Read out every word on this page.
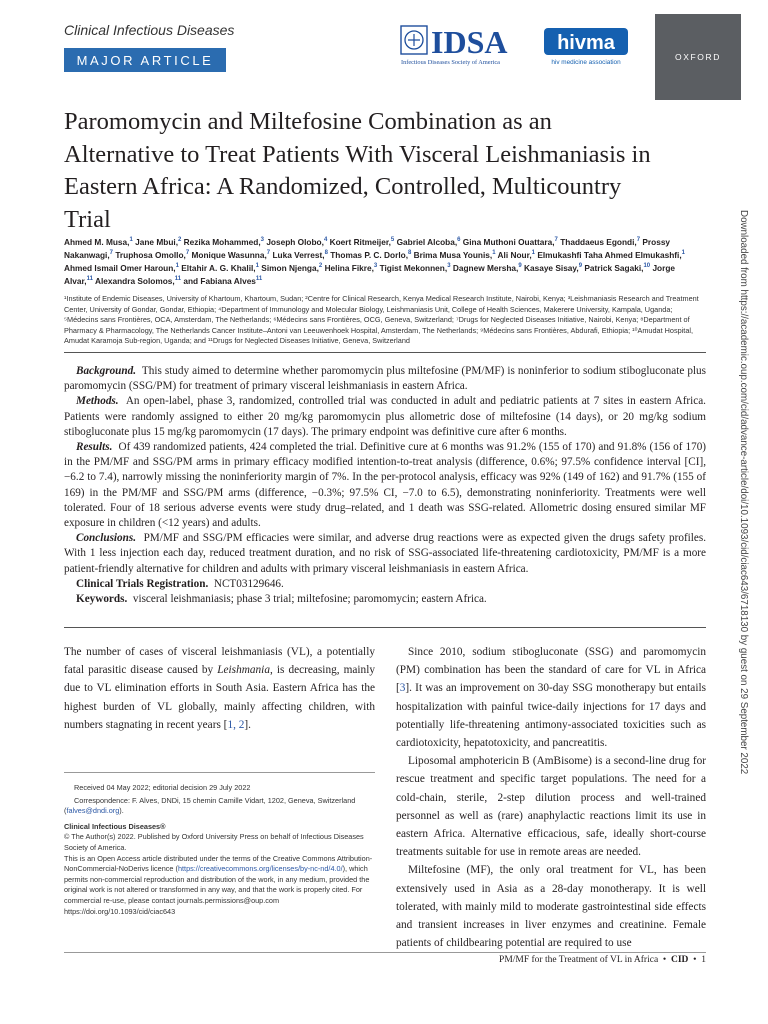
Clinical Infectious Diseases
MAJOR ARTICLE	IDSA
Infectious Diseases Society of America
hivma
hiv medicine association
OXFORD
Paromomycin and Miltefosine Combination as an Alternative to Treat Patients With Visceral Leishmaniasis in Eastern Africa: A Randomized, Controlled, Multicountry Trial
Ahmed M. Musa,$^1$ Jane Mbui,$^2$ Rezika Mohammed,$^3$ Joseph Olobo,$^4$ Koert Ritmeijer,$^5$ Gabriel Alcoba,$^6$ Gina Muthoni Ouattara,$^7$ Thaddaeus Egondi,$^7$ Prossy Nakanwagi,$^7$ Truphosa Omollo,$^7$ Monique Wasunna,$^7$ Luka Verrest,$^8$ Thomas P. C. Dorlo,$^8$ Brima Musa Younis,$^1$ Ali Nour,$^1$ Elmukashfi Taha Ahmed Elmukashfi,$^1$ Ahmed Ismail Omer Haroun,$^1$ Eltahir A. G. Khalil,$^1$ Simon Njenga,$^2$ Helina Fikre,$^3$ Tigist Mekonnen,$^3$ Dagnew Mersha,$^9$ Kasaye Sisay,$^9$ Patrick Sagaki,$^{10}$ Jorge Alvar,$^{11}$ Alexandra Solomos,$^{11}$ and Fabiana Alves$^{11}$
¹Institute of Endemic Diseases, University of Khartoum, Khartoum, Sudan; ²Centre for Clinical Research, Kenya Medical Research Institute, Nairobi, Kenya; ³Leishmaniasis Research and Treatment Center, University of Gondar, Gondar, Ethiopia; ⁴Department of Immunology and Molecular Biology, Leishmaniasis Unit, College of Health Sciences, Makerere University, Kampala, Uganda; ⁵Médecins sans Frontières, OCA, Amsterdam, The Netherlands; ⁶Médecins sans Frontières, OCG, Geneva, Switzerland; ⁷Drugs for Neglected Diseases Initiative, Nairobi, Kenya; ⁸Department of Pharmacy & Pharmacology, The Netherlands Cancer Institute–Antoni van Leeuwenhoek Hospital, Amsterdam, The Netherlands; ⁹Médecins sans Frontières, Abdurafi, Ethiopia; ¹⁰Amudat Hospital, Amudat Karamoja Sub-region, Uganda; and ¹¹Drugs for Neglected Diseases Initiative, Geneva, Switzerland

Background. This study aimed to determine whether paromomycin plus miltefosine (PM/MF) is noninferior to sodium stibogluconate plus paromomycin (SSG/PM) for treatment of primary visceral leishmaniasis in eastern Africa.

Methods. An open-label, phase 3, randomized, controlled trial was conducted in adult and pediatric patients at 7 sites in eastern Africa. Patients were randomly assigned to either 20 mg/kg paromomycin plus allometric dose of miltefosine (14 days), or 20 mg/kg sodium stibogluconate plus 15 mg/kg paromomycin (17 days). The primary endpoint was definitive cure after 6 months.

Results. Of 439 randomized patients, 424 completed the trial. Definitive cure at 6 months was 91.2% (155 of 170) and 91.8% (156 of 170) in the PM/MF and SSG/PM arms in primary efficacy modified intention-to-treat analysis (difference, 0.6%; 97.5% confidence interval [CI], −6.2 to 7.4), narrowly missing the noninferiority margin of 7%. In the per-protocol analysis, efficacy was 92% (149 of 162) and 91.7% (155 of 169) in the PM/MF and SSG/PM arms (difference, −0.3%; 97.5% CI, −7.0 to 6.5), demonstrating noninferiority. Treatments were well tolerated. Four of 18 serious adverse events were study drug–related, and 1 death was SSG-related. Allometric dosing ensured similar MF exposure in children (<12 years) and adults.

Conclusions. PM/MF and SSG/PM efficacies were similar, and adverse drug reactions were as expected given the drugs safety profiles. With 1 less injection each day, reduced treatment duration, and no risk of SSG-associated life-threatening cardiotoxicity, PM/MF is a more patient-friendly alternative for children and adults with primary visceral leishmaniasis in eastern Africa.

Clinical Trials Registration. NCT03129646.

Keywords. visceral leishmaniasis; phase 3 trial; miltefosine; paromomycin; eastern Africa.

The number of cases of visceral leishmaniasis (VL), a potentially fatal parasitic disease caused by Leishmania, is decreasing, mainly due to VL elimination efforts in South Asia. Eastern Africa has the highest burden of VL globally, mainly affecting children, with numbers stagnating in recent years [1, 2].

Received 04 May 2022; editorial decision 29 July 2022

Correspondence: F. Alves, DNDi, 15 chemin Camille Vidart, 1202, Geneva, Switzerland (falves@dndi.org).

Clinical Infectious Diseases®

© The Author(s) 2022. Published by Oxford University Press on behalf of Infectious Diseases Society of America.

This is an Open Access article distributed under the terms of the Creative Commons Attribution-NonCommercial-NoDerivs licence (https://creativecommons.org/licenses/by-nc-nd/4.0/), which permits non-commercial reproduction and distribution of the work, in any medium, provided the original work is not altered or transformed in any way, and that the work is properly cited. For commercial re-use, please contact journals.permissions@oup.com

https://doi.org/10.1093/cid/ciac643

Since 2010, sodium stibogluconate (SSG) and paromomycin (PM) combination has been the standard of care for VL in Africa [3]. It was an improvement on 30-day SSG monotherapy but entails hospitalization with painful twice-daily injections for 17 days and potentially life-threatening antimony-associated toxicities such as cardiotoxicity, hepatotoxicity, and pancreatitis.

Liposomal amphotericin B (AmBisome) is a second-line drug for rescue treatment and specific target populations. The need for a cold-chain, sterile, 2-step dilution process and well-trained personnel as well as (rare) anaphylactic reactions limit its use in eastern Africa. Alternative efficacious, safe, ideally short-course treatments suitable for use in remote areas are needed.

Miltefosine (MF), the only oral treatment for VL, has been extensively used in Asia as a 28-day monotherapy. It is well tolerated, with mainly mild to moderate gastrointestinal side effects and transient increases in liver enzymes and creatinine. Female patients of childbearing potential are required to use

PM/MF for the Treatment of VL in Africa  •  CID  •  1
Downloaded from https://academic.oup.com/cid/advance-article/doi/10.1093/cid/ciac643/6718130 by guest on 29 September 2022
